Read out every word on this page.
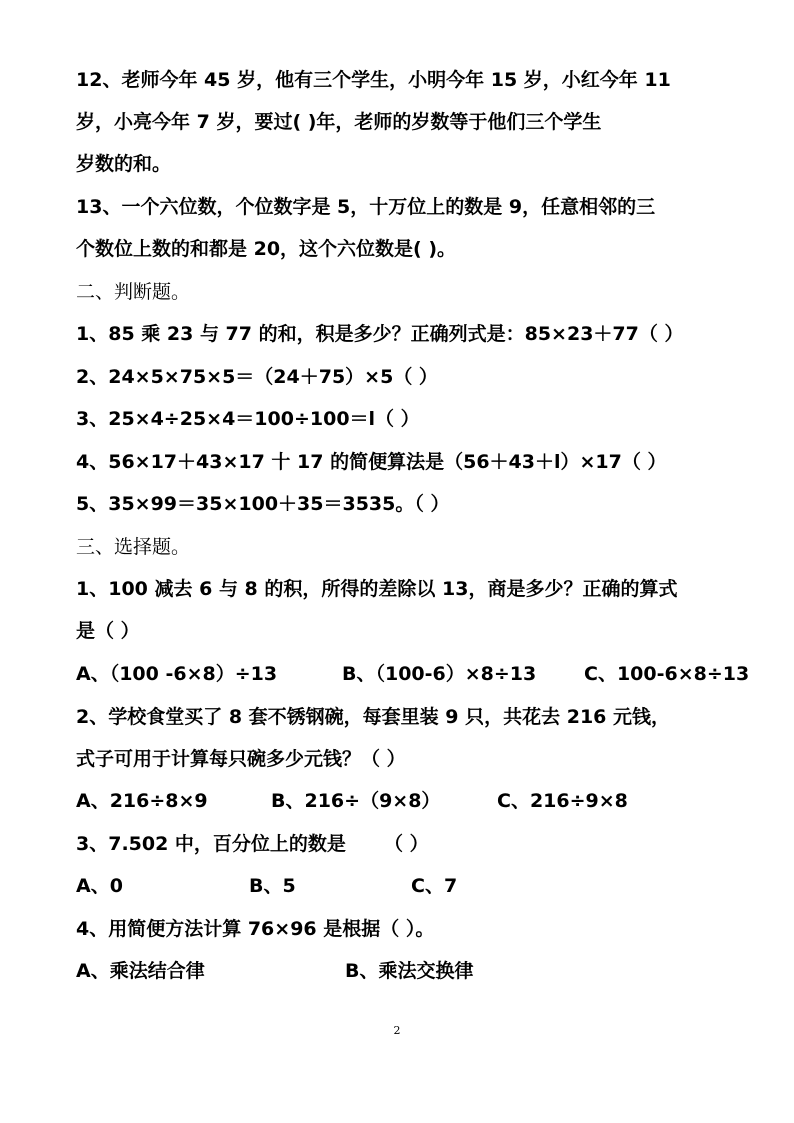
12、老师今年 45 岁，他有三个学生，小明今年 15 岁，小红今年 11
岁，小亮今年 7 岁，要过( )年，老师的岁数等于他们三个学生
岁数的和。
13、一个六位数，个位数字是 5，十万位上的数是 9，任意相邻的三
个数位上数的和都是 20，这个六位数是( )。
二、判断题。
1、85 乘 23 与 77 的和，积是多少？正确列式是：85×23＋77（ ）
2、24×5×75×5＝（24＋75）×5（ ）
3、25×4÷25×4＝100÷100＝l（ ）
4、56×17＋43×17 十 17 的简便算法是（56＋43＋l）×17（ ）
5、35×99＝35×100＋35＝3535。（ ）
三、选择题。
1、100 减去 6 与 8 的积，所得的差除以 13，商是多少？正确的算式
是（ ）
A、（100 -6×8）÷13	B、（100-6）×8÷13	C、100-6×8÷13
2、学校食堂买了 8 套不锈钢碗，每套里装 9 只，共花去 216 元钱，
式子可用于计算每只碗多少元钱？（ ）
A、216÷8×9	B、216÷（9×8）	C、216÷9×8
3、7.502 中，百分位上的数是 （ ）
A、0	B、5	C、7
4、用简便方法计算 76×96 是根据（ ）。
A、乘法结合律	B、乘法交换律
2
